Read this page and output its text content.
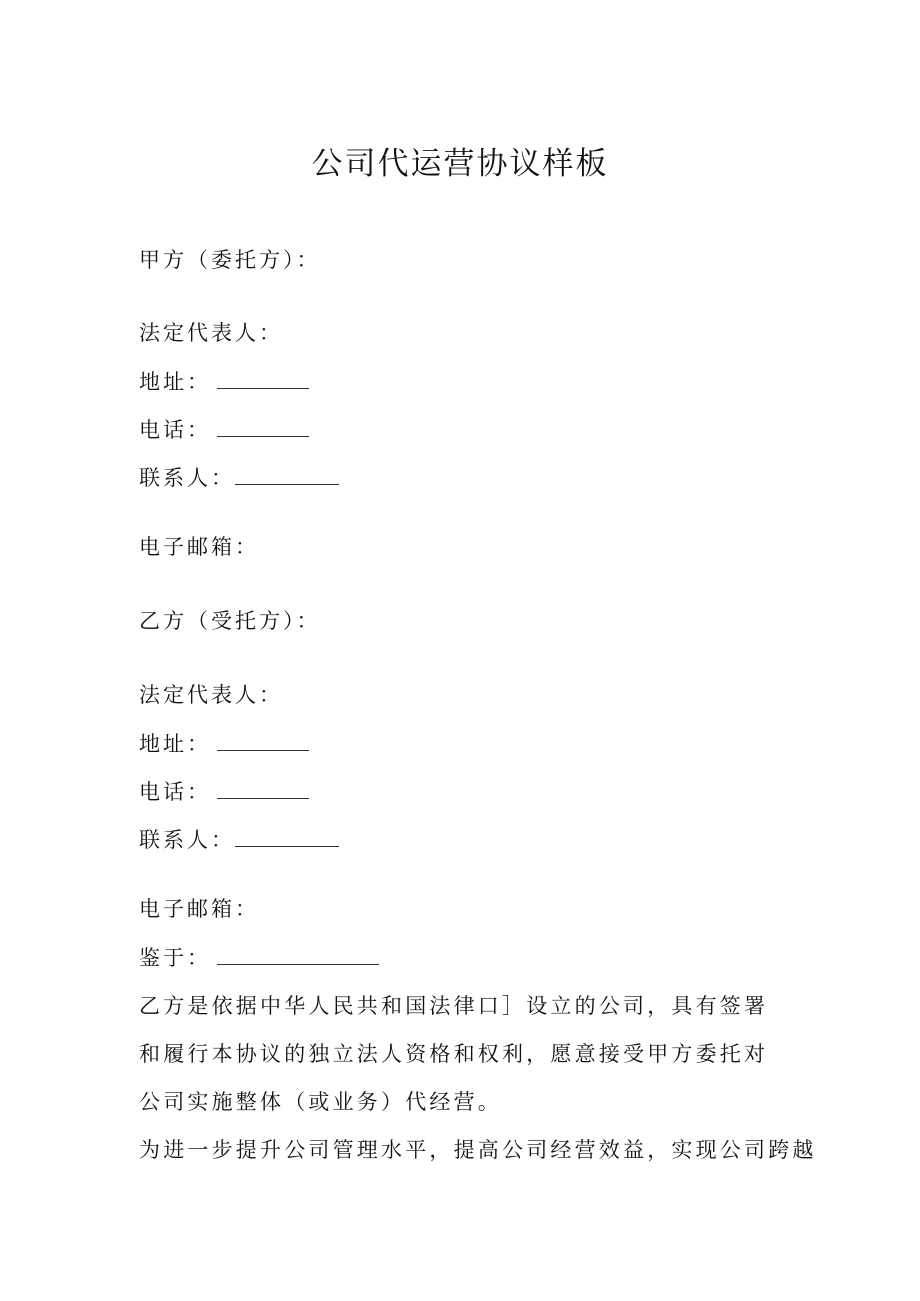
公司代运营协议样板
甲方（委托方）：
法定代表人：
地址：
电话：
联系人：
电子邮箱：
乙方（受托方）：
法定代表人：
地址：
电话：
联系人：
电子邮箱：
鉴于：
乙方是依据中华人民共和国法律口］设立的公司，具有签署和履行本协议的独立法人资格和权利，愿意接受甲方委托对公司实施整体（或业务）代经营。
为进一步提升公司管理水平，提高公司经营效益，实现公司跨越
